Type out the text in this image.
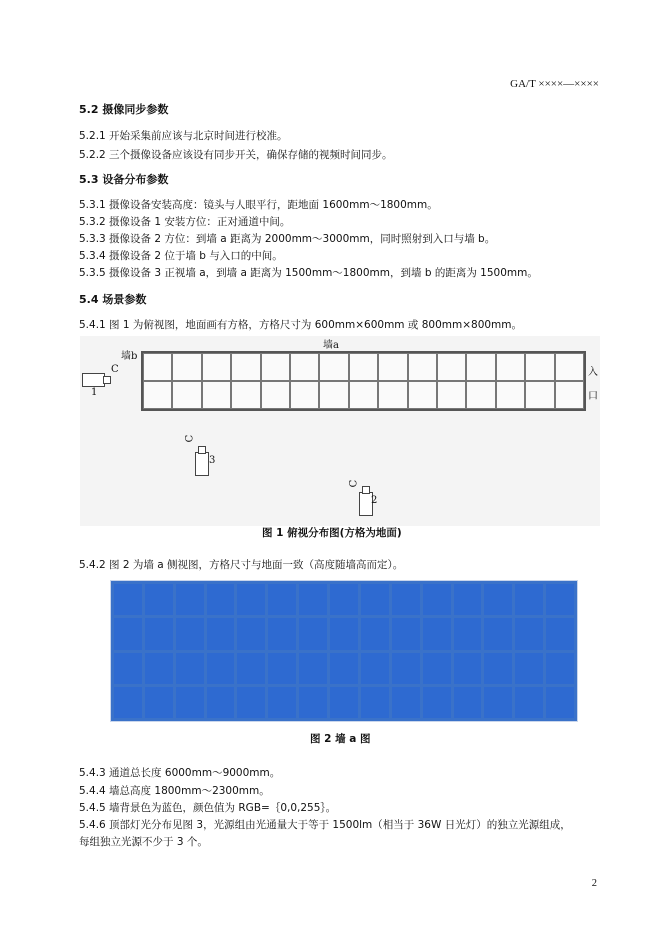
GA/T ××××—××××
5.2 摄像同步参数
5.2.1 开始采集前应该与北京时间进行校准。
5.2.2 三个摄像设备应该设有同步开关，确保存储的视频时间同步。
5.3 设备分布参数
5.3.1 摄像设备安装高度：镜头与人眼平行，距地面 1600mm～1800mm。
5.3.2 摄像设备 1 安装方位：正对通道中间。
5.3.3 摄像设备 2 方位：到墙 a 距离为 2000mm～3000mm，同时照射到入口与墙 b。
5.3.4 摄像设备 2 位于墙 b 与入口的中间。
5.3.5 摄像设备 3 正视墙 a，到墙 a 距离为 1500mm～1800mm，到墙 b 的距离为 1500mm。
5.4 场景参数
5.4.1 图 1 为俯视图，地面画有方格，方格尺寸为 600mm×600mm 或 800mm×800mm。
墙a
墙b
入
口
C
1
C
3
C
2
图 1 俯视分布图(方格为地面)
5.4.2 图 2 为墙 a 侧视图，方格尺寸与地面一致（高度随墙高而定）。
图 2 墙 a 图
5.4.3 通道总长度 6000mm～9000mm。
5.4.4 墙总高度 1800mm～2300mm。
5.4.5 墙背景色为蓝色，颜色值为 RGB=｛0,0,255｝。
5.4.6 顶部灯光分布见图 3，光源组由光通量大于等于 1500lm（相当于 36W 日光灯）的独立光源组成，
每组独立光源不少于 3 个。
2
